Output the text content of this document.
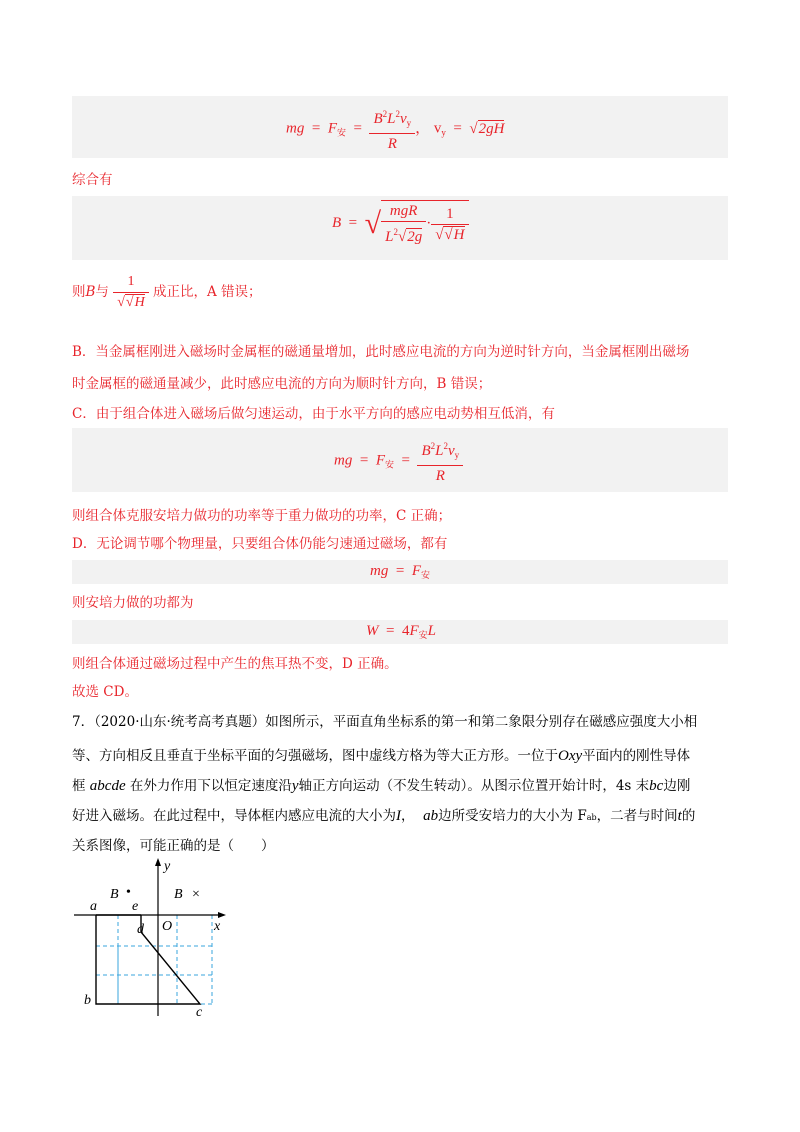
mg = $F_安 = \frac{B^2L^2v_y}{R}$ ， $v_y = √2gH$
综合有
B = √ $\frac{\text{mgR}}{L^2√2g} \cdot \frac{1}{√√H}$
则B与 $\frac{1}{√√H}$ 成正比，A 错误；
B．当金属框刚进入磁场时金属框的磁通量增加，此时感应电流的方向为逆时针方向，当金属框刚出磁场
时金属框的磁通量减少，此时感应电流的方向为顺时针方向，B 错误；
C．由于组合体进入磁场后做匀速运动，由于水平方向的感应电动势相互低消，有
mg = $F_安 = \frac{B^2L^2v_y}{R}$
则组合体克服安培力做功的功率等于重力做功的功率，C 正确；
D．无论调节哪个物理量，只要组合体仍能匀速通过磁场，都有
mg = $F_安$
则安培力做的功都为
$W = 4F_安L$
则组合体通过磁场过程中产生的焦耳热不变，D 正确。
故选 CD。
7．（2020·山东·统考高考真题）如图所示，平面直角坐标系的第一和第二象限分别存在磁感应强度大小相
等、方向相反且垂直于坐标平面的匀强磁场，图中虚线方格为等大正方形。一位于Oxy平面内的刚性导体
框 abcde 在外力作用下以恒定速度沿y轴正方向运动（不发生转动）。从图示位置开始计时，4s 末bc边刚
好进入磁场。在此过程中，导体框内感应电流的大小为I， ab边所受安培力的大小为 Fab，二者与时间t的
关系图像，可能正确的是（　　）
B •	B ×
y
x
O
a	e
d
b
c
